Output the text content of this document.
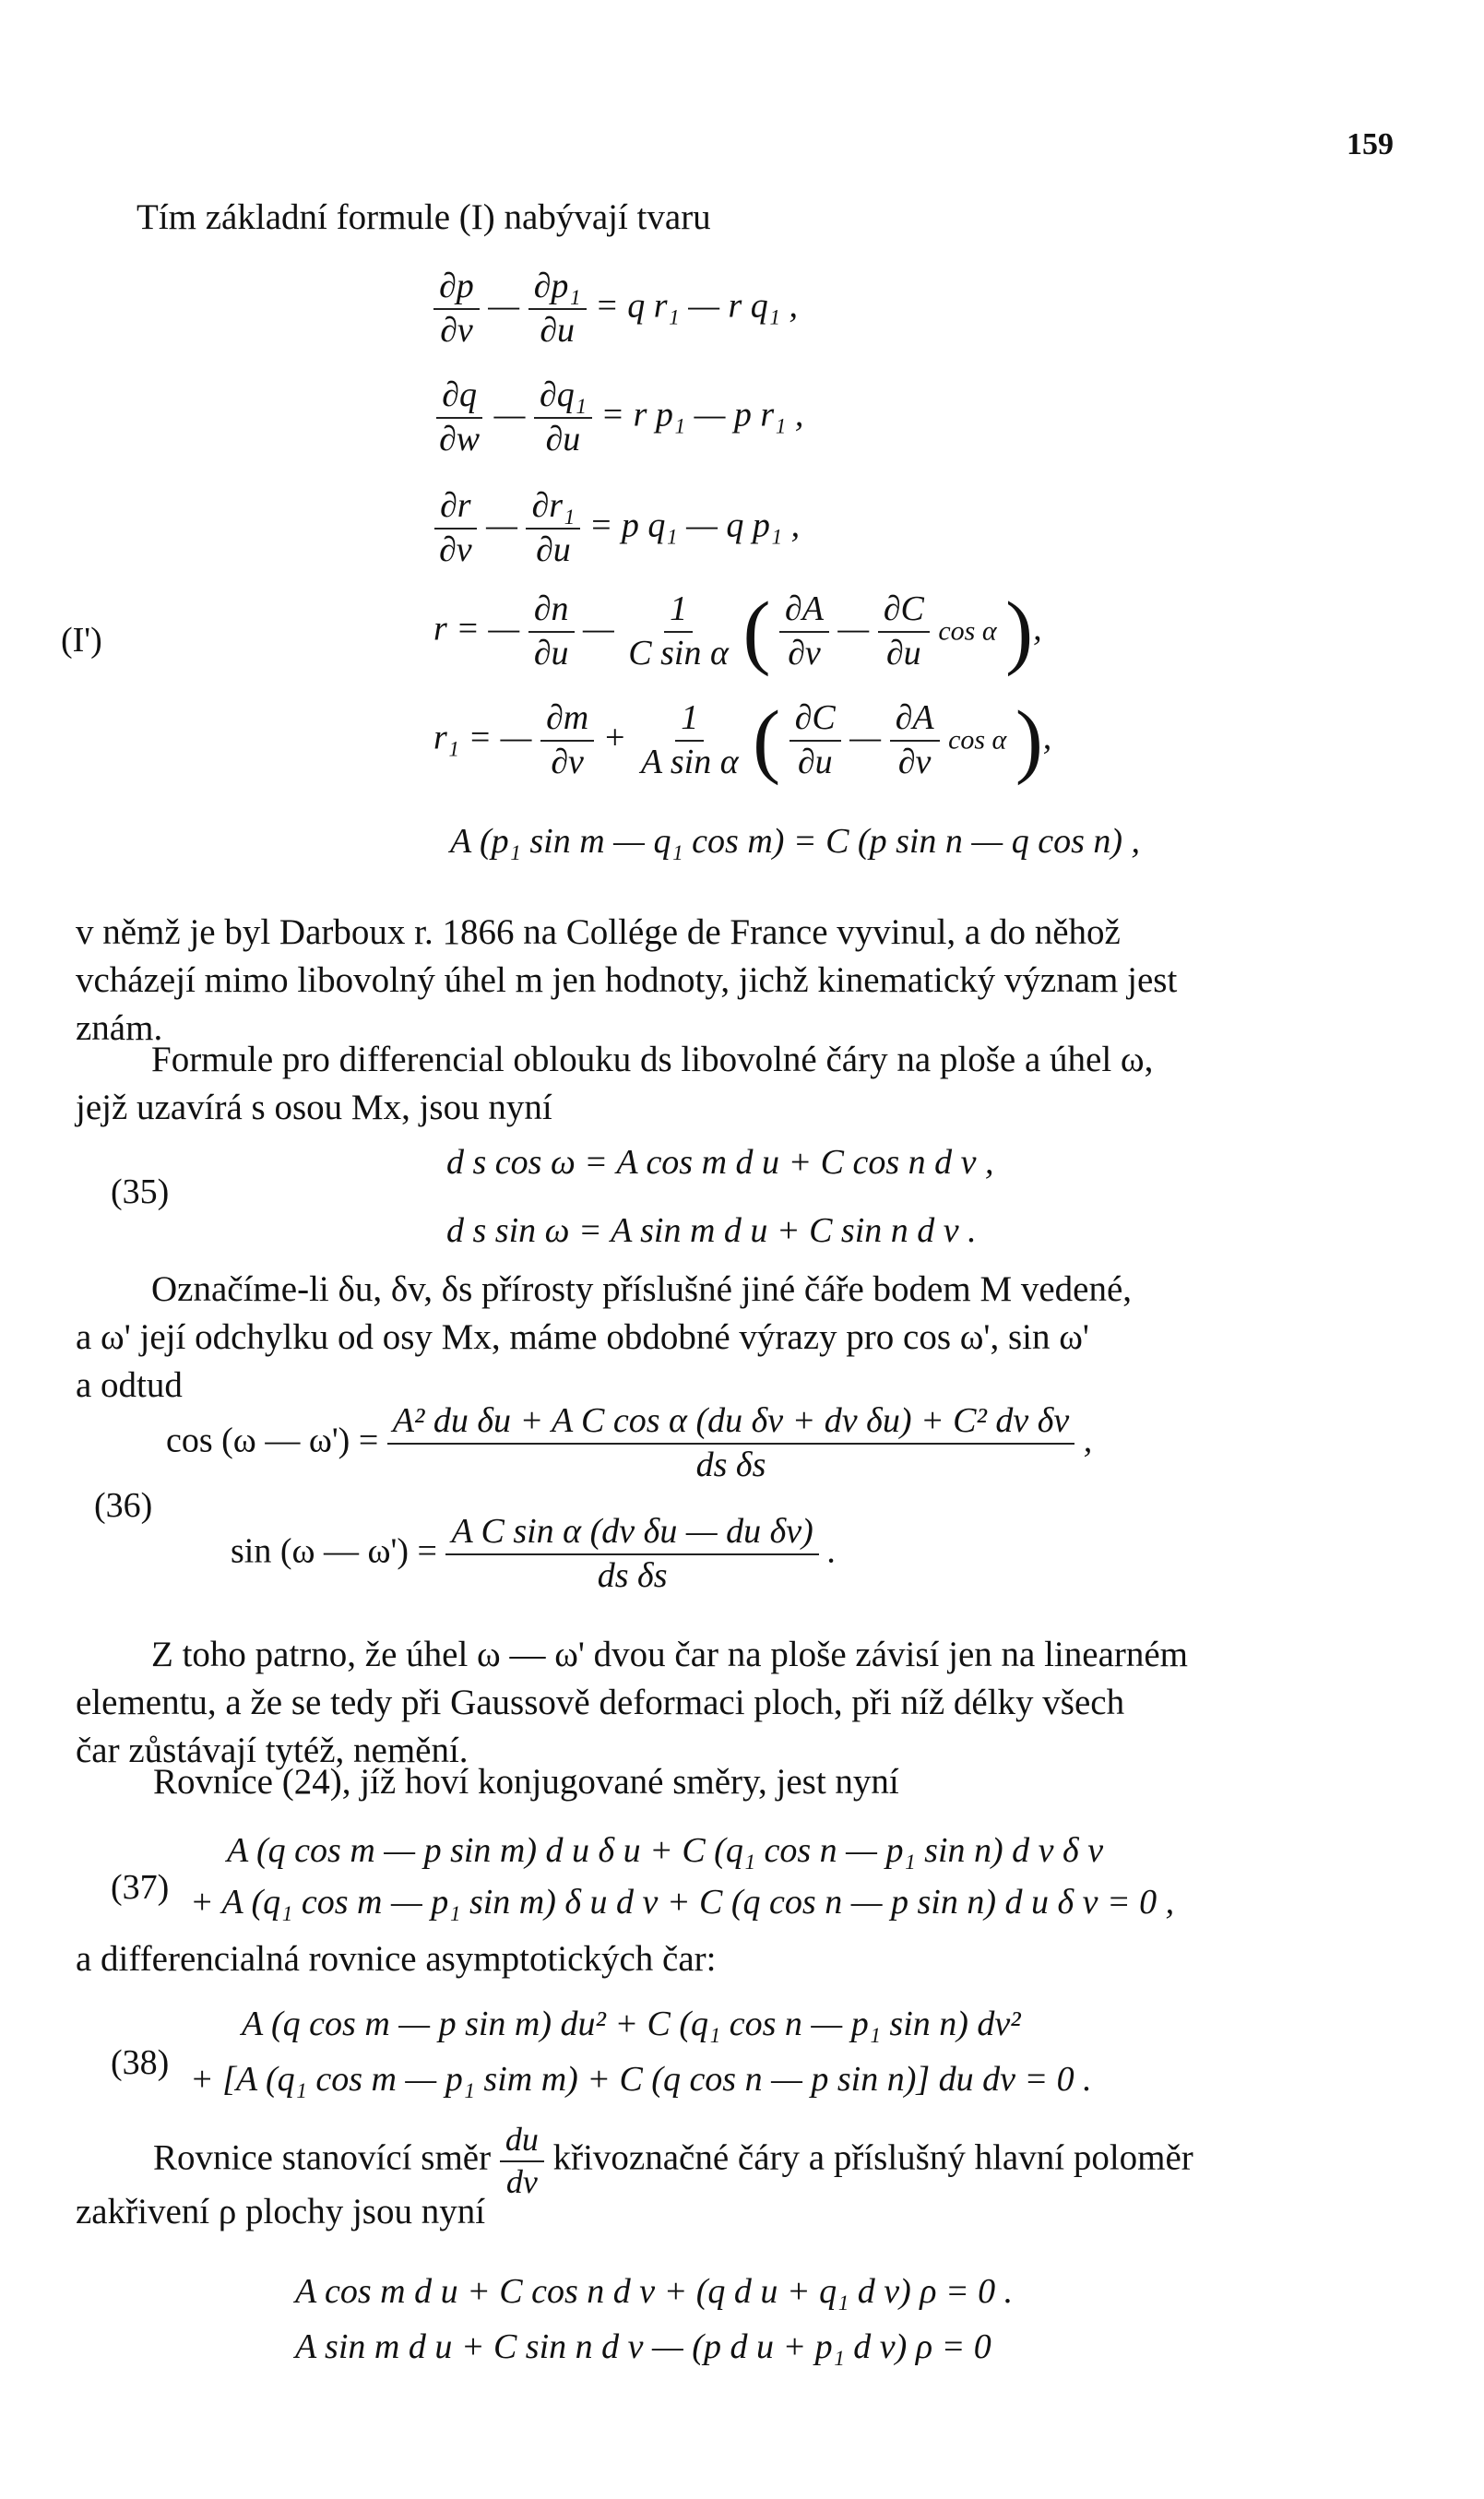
159
Tím základní formule (I) nabývají tvaru
(I')
$\frac{\partial p}{\partial v}$ — $\frac{\text{∂p₁}}{\partial u} = q$ r₁ — r q₁ ,
$\frac{\partial q}{\partial w}$ — $\frac{\text{∂q₁}}{\partial u} = r$ p₁ — p r₁ ,
$\frac{\partial r}{\partial v}$ — $\frac{\text{∂r₁}}{\partial u} = p$ q₁ — q p₁ ,
r = — $\frac{\partial n}{\partial u}$ — $\frac{1}{\text{C sin α}}$ ( $\frac{\partial A}{\partial v}$ — $\frac{\partial C}{\partial u}$ cos α ),
r₁ = — $\frac{\partial m}{\partial v} + \frac{1}{\text{A sin α}}$ ( $\frac{\partial C}{\partial u}$ — $\frac{\partial A}{\partial v}$ cos α ),
A (p₁ sin m — q₁ cos m) = C (p sin n — q cos n) ,
v němž je byl Darboux r. 1866 na Collége de France vyvinul, a do něhož
vcházejí mimo libovolný úhel m jen hodnoty, jichž kinematický význam jest
znám.
Formule pro differencial oblouku ds libovolné čáry na ploše a úhel ω,
jejž uzavírá s osou Mx, jsou nyní
(35)
d s cos ω = A cos m d u + C cos n d v ,
d s sin ω = A sin m d u + C sin n d v .
Označíme-li δu, δv, δs přírosty příslušné jiné čáře bodem M vedené,
a ω' její odchylku od osy Mx, máme obdobné výrazy pro cos ω', sin ω'
a odtud
(36)
cos (ω — $\omega') = \frac{\text{A² du δu + A C cos α (du δv + dv δu) + C² dv δv}}{\text{ds δs}}$ ,
sin (ω — $\omega') = \frac{\text{A C sin α (dv δu — du δv)}}{\text{ds δs}}$ .
Z toho patrno, že úhel ω — ω' dvou čar na ploše závisí jen na linearném
elementu, a že se tedy při Gaussově deformaci ploch, při níž délky všech
čar zůstávají tytéž, nemění.
Rovnice (24), jíž hoví konjugované směry, jest nyní
A (q cos m — p sin m) d u δ u + C (q₁ cos n — p₁ sin n) d v δ v
(37) + A (q₁ cos m — p₁ sin m) δ u d v + C (q cos n — p sin n) d u δ v = 0 ,
a differencialná rovnice asymptotických čar:
A (q cos m — p sin m) du² + C (q₁ cos n — p₁ sin n) dv²
(38) + [A (q₁ cos m — p₁ sim m) + C (q cos n — p sin n)] du dv = 0 .
Rovnice stanovící směr $\frac{du}{dv}$ křivoznačné čáry a příslušný hlavní poloměr
zakřivení ρ plochy jsou nyní
A cos m d u + C cos n d v + (q d u + q₁ d v) ρ = 0 .
A sin m d u + C sin n d v — (p d u + p₁ d v) ρ = 0
